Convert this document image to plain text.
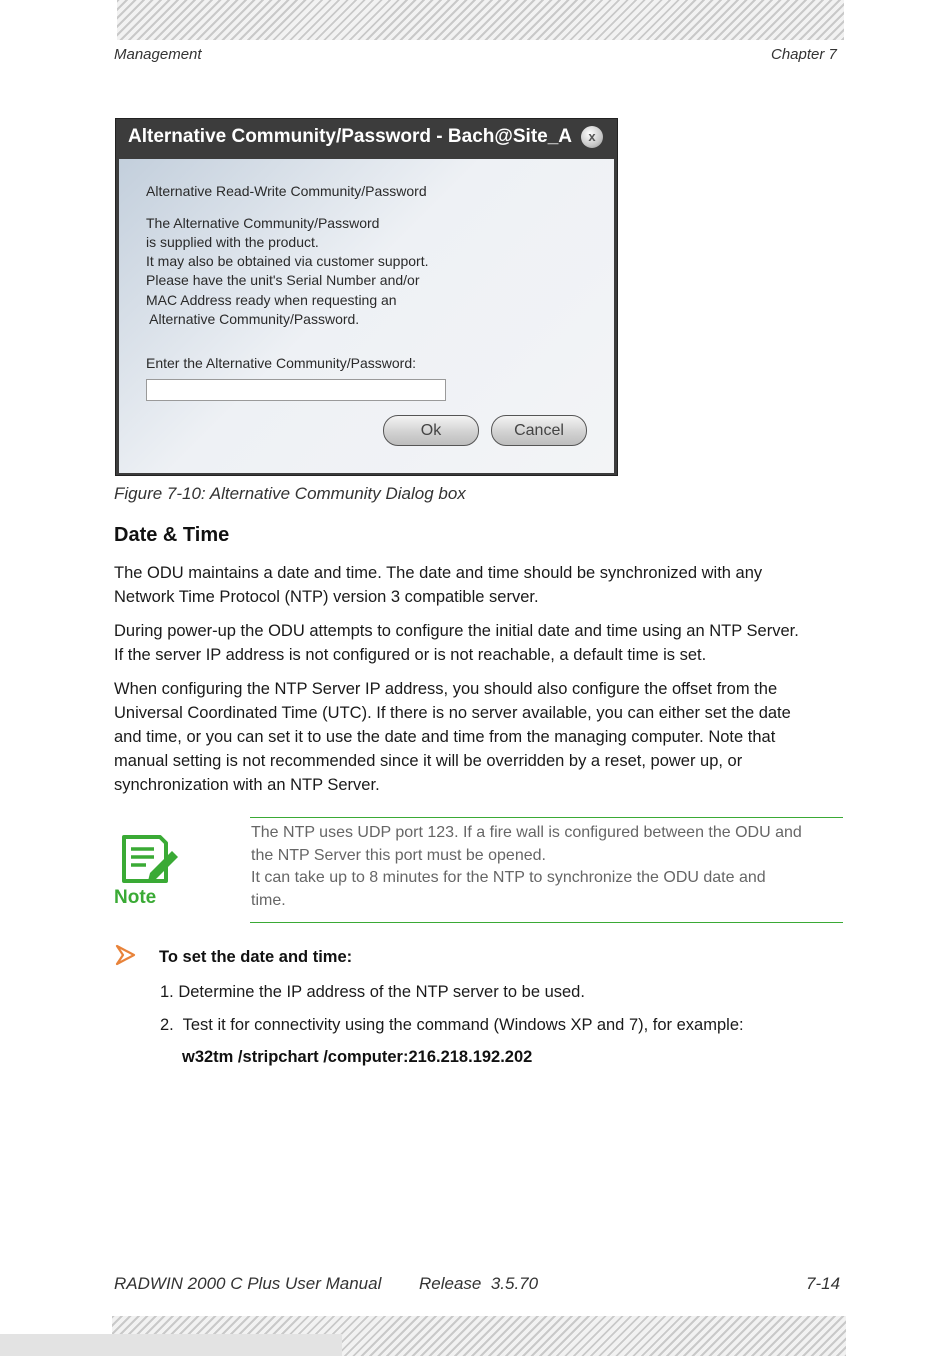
Management	Chapter 7
Alternative Community/Password - Bach@Site_A	x
Alternative Read-Write Community/Password
The Alternative Community/Password
is supplied with the product.
It may also be obtained via customer support.
Please have the unit's Serial Number and/or
MAC Address ready when requesting an
Alternative Community/Password.
Enter the Alternative Community/Password:
Ok	Cancel
Figure 7-10: Alternative Community Dialog box
Date & Time

The ODU maintains a date and time. The date and time should be synchronized with any

Network Time Protocol (NTP) version 3 compatible server.

During power-up the ODU attempts to configure the initial date and time using an NTP Server.

If the server IP address is not configured or is not reachable, a default time is set.

When configuring the NTP Server IP address, you should also configure the offset from the

Universal Coordinated Time (UTC). If there is no server available, you can either set the date

and time, or you can set it to use the date and time from the managing computer. Note that

manual setting is not recommended since it will be overridden by a reset, power up, or

synchronization with an NTP Server.

Note

The NTP uses UDP port 123. If a fire wall is configured between the ODU and

the NTP Server this port must be opened.

It can take up to 8 minutes for the NTP to synchronize the ODU date and

time.

To set the date and time:
1. Determine the IP address of the NTP server to be used.
2.  Test it for connectivity using the command (Windows XP and 7), for example:
w32tm /stripchart /computer:216.218.192.202
RADWIN 2000 C Plus User Manual Release  3.5.70	7-14
